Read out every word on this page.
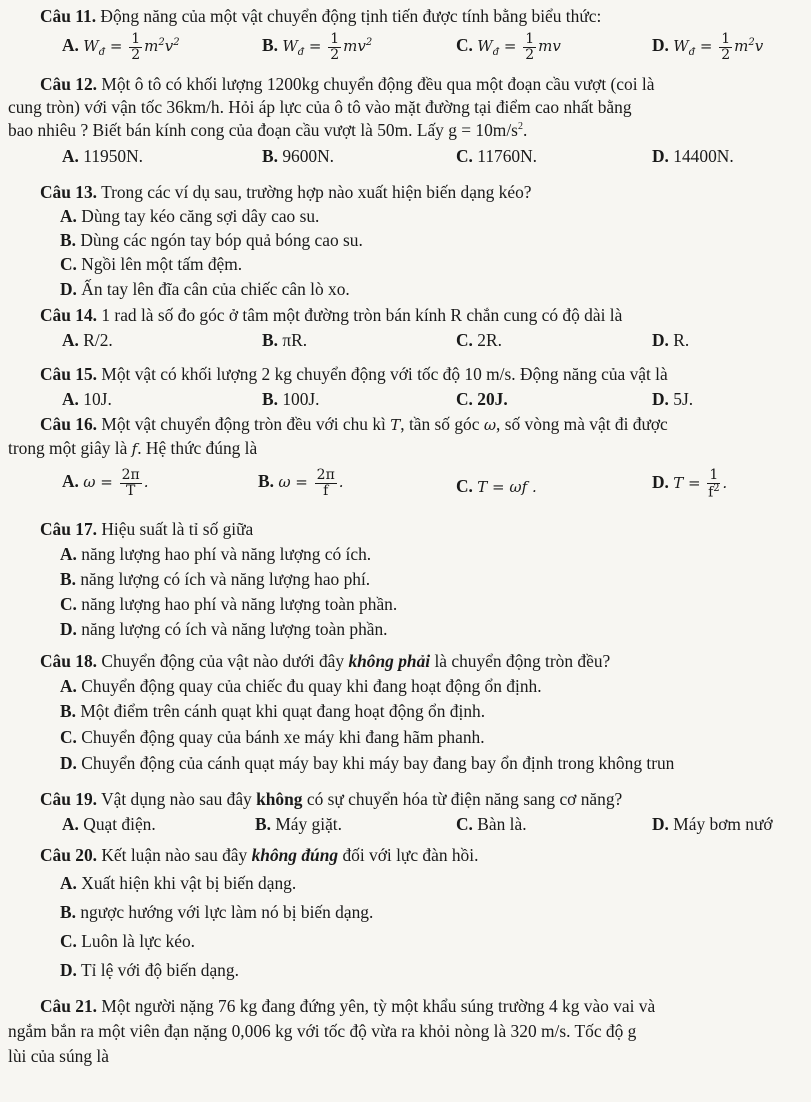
Câu 11. Động năng của một vật chuyển động tịnh tiến được tính bằng biểu thức:
A. $W_đ = \frac{1}{2} m^2v^2$	B. $W_đ = \frac{1}{2} mv^2$	C. $W_đ = \frac{1}{2}$ mv	D. $W_đ = \frac{1}{2} m^2v$
Câu 12. Một ô tô có khối lượng 1200kg chuyển động đều qua một đoạn cầu vượt (coi là
cung tròn) với vận tốc 36km/h. Hỏi áp lực của ô tô vào mặt đường tại điểm cao nhất bằng
bao nhiêu ? Biết bán kính cong của đoạn cầu vượt là 50m. Lấy $g = 10m/s^2$.
A. 11950N.	B. 9600N.	C. 11760N.	D. 14400N.
Câu 13. Trong các ví dụ sau, trường hợp nào xuất hiện biến dạng kéo?
A. Dùng tay kéo căng sợi dây cao su.
B. Dùng các ngón tay bóp quả bóng cao su.
C. Ngồi lên một tấm đệm.
D. Ấn tay lên đĩa cân của chiếc cân lò xo.
Câu 14. 1 rad là số đo góc ở tâm một đường tròn bán kính R chắn cung có độ dài là
A. R/2.	B. πR.	C. 2R.	D. R.
Câu 15. Một vật có khối lượng 2 kg chuyển động với tốc độ 10 m/s. Động năng của vật là
A. 10J.	B. 100J.	C. 20J.	D. 5J.
Câu 16. Một vật chuyển động tròn đều với chu kì T, tần số góc ω, số vòng mà vật đi được
trong một giây là f. Hệ thức đúng là
A. $\omega = \frac{2\pi}{T}$ .	B. $\omega = \frac{2\pi}{f}$ .	C. T = ωf .	D. $T = \frac{1}{f^2}$ .
Câu 17. Hiệu suất là tỉ số giữa
A. năng lượng hao phí và năng lượng có ích.
B. năng lượng có ích và năng lượng hao phí.
C. năng lượng hao phí và năng lượng toàn phần.
D. năng lượng có ích và năng lượng toàn phần.
Câu 18. Chuyển động của vật nào dưới đây không phải là chuyển động tròn đều?
A. Chuyển động quay của chiếc đu quay khi đang hoạt động ổn định.
B. Một điểm trên cánh quạt khi quạt đang hoạt động ổn định.
C. Chuyển động quay của bánh xe máy khi đang hãm phanh.
D. Chuyển động của cánh quạt máy bay khi máy bay đang bay ổn định trong không trun
Câu 19. Vật dụng nào sau đây không có sự chuyển hóa từ điện năng sang cơ năng?
A. Quạt điện.	B. Máy giặt.	C. Bàn là.	D. Máy bơm nướ
Câu 20. Kết luận nào sau đây không đúng đối với lực đàn hồi.
A. Xuất hiện khi vật bị biến dạng.
B. ngược hướng với lực làm nó bị biến dạng.
C. Luôn là lực kéo.
D. Tỉ lệ với độ biến dạng.
Câu 21. Một người nặng 76 kg đang đứng yên, tỳ một khẩu súng trường 4 kg vào vai và
ngắm bắn ra một viên đạn nặng 0,006 kg với tốc độ vừa ra khỏi nòng là 320 m/s. Tốc độ g
lùi của súng là
